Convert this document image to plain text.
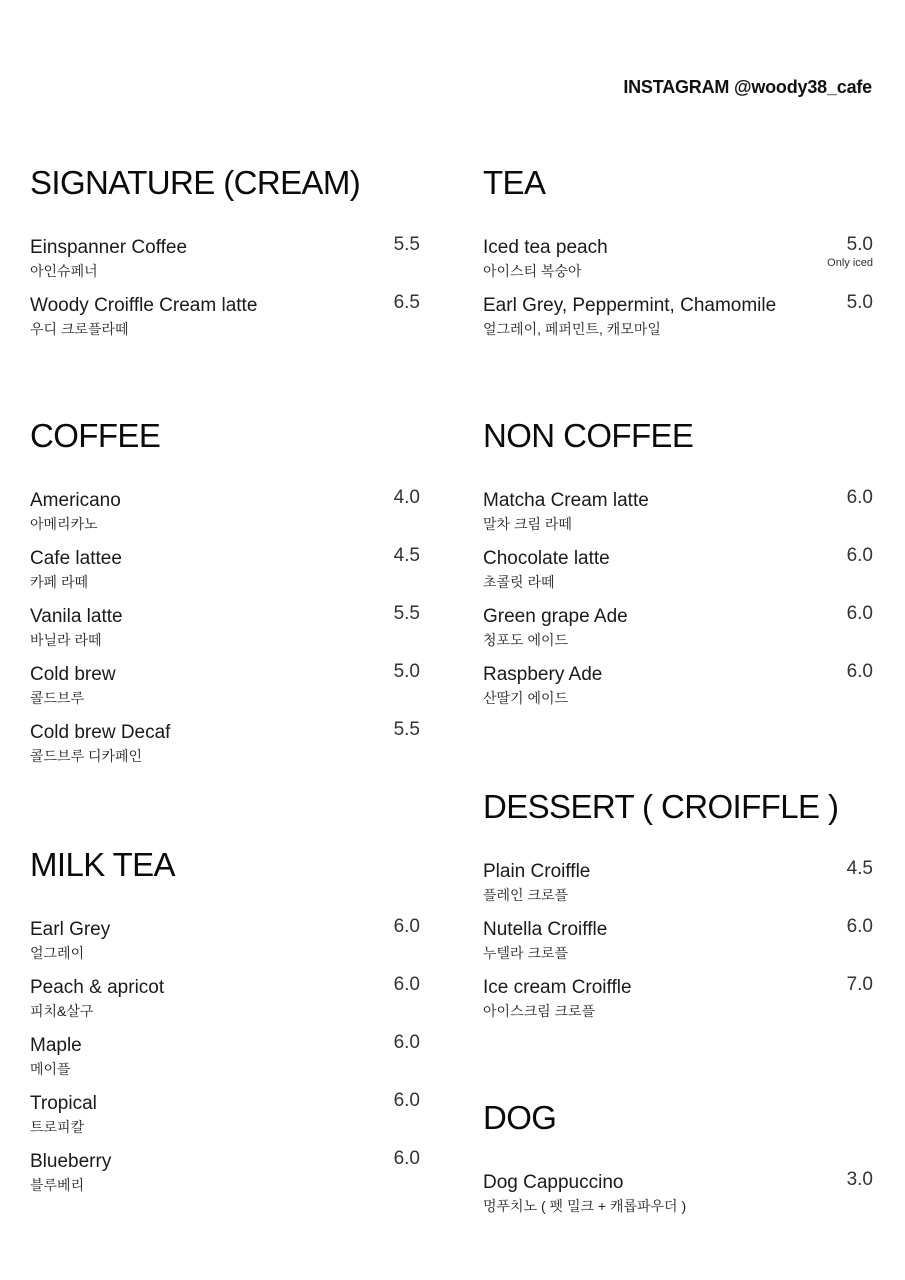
INSTAGRAM @woody38_cafe
SIGNATURE (CREAM)
Einspanner Coffee
아인슈페너
5.5
Woody Croiffle Cream latte
우디 크로플라떼
6.5
COFFEE
Americano
아메리카노
4.0
Cafe lattee
카페 라떼
4.5
Vanila latte
바닐라 라떼
5.5
Cold brew
콜드브루
5.0
Cold brew Decaf
콜드브루 디카페인
5.5
MILK TEA
Earl Grey
얼그레이
6.0
Peach & apricot
피치&살구
6.0
Maple
메이플
6.0
Tropical
트로피칼
6.0
Blueberry
블루베리
6.0
TEA
Iced tea peach
아이스티 복숭아
5.0
Only iced
Earl Grey, Peppermint, Chamomile
얼그레이, 페퍼민트, 캐모마일
5.0
NON COFFEE
Matcha Cream latte
말차 크림 라떼
6.0
Chocolate latte
초콜릿 라떼
6.0
Green grape Ade
청포도 에이드
6.0
Raspbery Ade
산딸기 에이드
6.0
DESSERT ( CROIFFLE )
Plain Croiffle
플레인 크로플
4.5
Nutella Croiffle
누텔라 크로플
6.0
Ice cream Croiffle
아이스크림 크로플
7.0
DOG
Dog Cappuccino
멍푸치노 ( 펫 밀크 + 캐롭파우더 )
3.0
